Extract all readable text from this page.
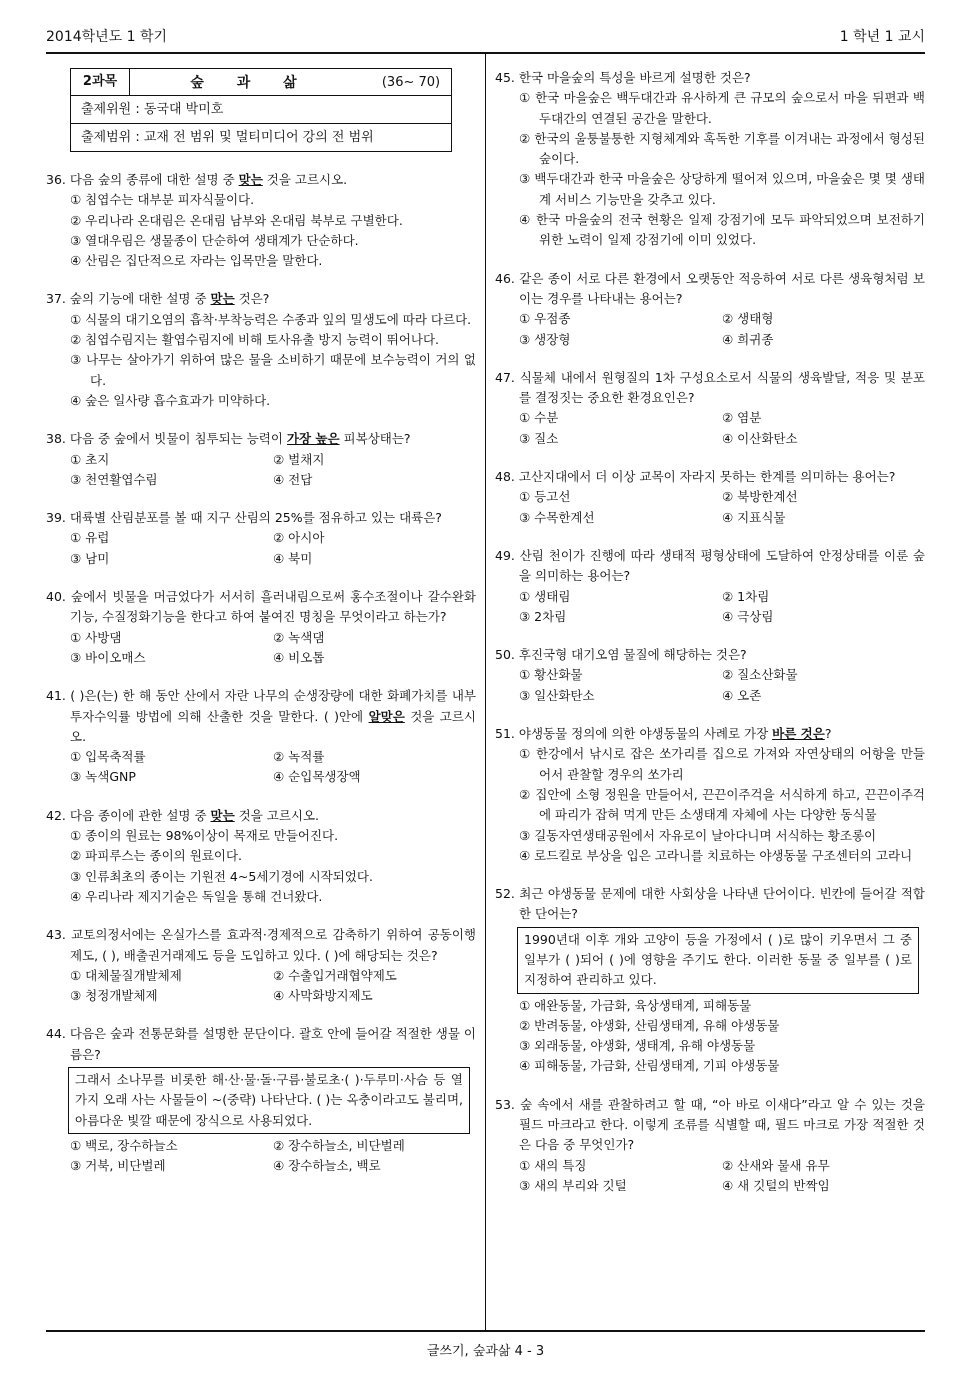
2014학년도 1 학기	1 학년 1 교시
글쓰기, 숲과삶 4 - 3
2과목	숲 과 삶	(36~ 70)
출제위원 : 동국대 박미호
출제범위 : 교재 전 범위 및 멀티미디어 강의 전 범위
36. 다음 숲의 종류에 대한 설명 중 맞는 것을 고르시오.
① 침엽수는 대부분 피자식물이다.
② 우리나라 온대림은 온대림 남부와 온대림 북부로 구별한다.
③ 열대우림은 생물종이 단순하여 생태계가 단순하다.
④ 산림은 집단적으로 자라는 입목만을 말한다.
37. 숲의 기능에 대한 설명 중 맞는 것은?
① 식물의 대기오염의 흡착·부착능력은 수종과 잎의 밀생도에 따라 다르다.
② 침엽수림지는 활엽수림지에 비해 토사유출 방지 능력이 뛰어나다.
③ 나무는 살아가기 위하여 많은 물을 소비하기 때문에 보수능력이 거의 없다.
④ 숲은 일사량 흡수효과가 미약하다.
38. 다음 중 숲에서 빗물이 침투되는 능력이 가장 높은 피복상태는?
① 초지	② 벌채지
③ 천연활엽수림	④ 전답
39. 대륙별 산림분포를 볼 때 지구 산림의 25%를 점유하고 있는 대륙은?
① 유럽	② 아시아
③ 남미	④ 북미
40. 숲에서 빗물을 머금었다가 서서히 흘러내림으로써 홍수조절이나 갈수완화기능, 수질정화기능을 한다고 하여 붙여진 명칭을 무엇이라고 하는가?
① 사방댐	② 녹색댐
③ 바이오매스	④ 비오톱
41. ( )은(는) 한 해 동안 산에서 자란 나무의 순생장량에 대한 화폐가치를 내부 투자수익률 방법에 의해 산출한 것을 말한다. ( )안에 알맞은 것을 고르시오.
① 입목축적률	② 녹적률
③ 녹색GNP	④ 순입목생장액
42. 다음 종이에 관한 설명 중 맞는 것을 고르시오.
① 종이의 원료는 98%이상이 목재로 만들어진다.
② 파피루스는 종이의 원료이다.
③ 인류최초의 종이는 기원전 4~5세기경에 시작되었다.
④ 우리나라 제지기술은 독일을 통해 건너왔다.
43. 교토의정서에는 온실가스를 효과적·경제적으로 감축하기 위하여 공동이행제도, ( ), 배출권거래제도 등을 도입하고 있다. ( )에 해당되는 것은?
① 대체물질개발체제	② 수출입거래협약제도
③ 청정개발체제	④ 사막화방지제도
44. 다음은 숲과 전통문화를 설명한 문단이다. 괄호 안에 들어갈 적절한 생물 이름은?
그래서 소나무를 비롯한 해·산·물·돌·구름·불로초·( )·두루미·사슴 등 열 가지 오래 사는 사물들이 ~(중략) 나타난다. ( )는 옥충이라고도 불리며, 아름다운 빛깔 때문에 장식으로 사용되었다.
① 백로, 장수하늘소	② 장수하늘소, 비단벌레
③ 거북, 비단벌레	④ 장수하늘소, 백로
45. 한국 마을숲의 특성을 바르게 설명한 것은?
① 한국 마을숲은 백두대간과 유사하게 큰 규모의 숲으로서 마을 뒤편과 백두대간의 연결된 공간을 말한다.
② 한국의 울퉁불퉁한 지형체계와 혹독한 기후를 이겨내는 과정에서 형성된 숲이다.
③ 백두대간과 한국 마을숲은 상당하게 떨어져 있으며, 마을숲은 몇 몇 생태계 서비스 기능만을 갖추고 있다.
④ 한국 마을숲의 전국 현황은 일제 강점기에 모두 파악되었으며 보전하기 위한 노력이 일제 강점기에 이미 있었다.
46. 같은 종이 서로 다른 환경에서 오랫동안 적응하여 서로 다른 생육형처럼 보이는 경우를 나타내는 용어는?
① 우점종	② 생태형
③ 생장형	④ 희귀종
47. 식물체 내에서 원형질의 1차 구성요소로서 식물의 생육발달, 적응 및 분포를 결정짓는 중요한 환경요인은?
① 수분	② 염분
③ 질소	④ 이산화탄소
48. 고산지대에서 더 이상 교목이 자라지 못하는 한계를 의미하는 용어는?
① 등고선	② 북방한계선
③ 수목한계선	④ 지표식물
49. 산림 천이가 진행에 따라 생태적 평형상태에 도달하여 안정상태를 이룬 숲을 의미하는 용어는?
① 생태림	② 1차림
③ 2차림	④ 극상림
50. 후진국형 대기오염 물질에 해당하는 것은?
① 황산화물	② 질소산화물
③ 일산화탄소	④ 오존
51. 야생동물 정의에 의한 야생동물의 사례로 가장 바른 것은?
① 한강에서 낚시로 잡은 쏘가리를 집으로 가져와 자연상태의 어항을 만들어서 관찰할 경우의 쏘가리
② 집안에 소형 정원을 만들어서, 끈끈이주걱을 서식하게 하고, 끈끈이주걱에 파리가 잡혀 먹게 만든 소생태계 자체에 사는 다양한 동식물
③ 길동자연생태공원에서 자유로이 날아다니며 서식하는 황조롱이
④ 로드킬로 부상을 입은 고라니를 치료하는 야생동물 구조센터의 고라니
52. 최근 야생동물 문제에 대한 사회상을 나타낸 단어이다. 빈칸에 들어갈 적합한 단어는?
1990년대 이후 개와 고양이 등을 가정에서 ( )로 많이 키우면서 그 중 일부가 ( )되어 ( )에 영향을 주기도 한다. 이러한 동물 중 일부를 ( )로 지정하여 관리하고 있다.
① 애완동물, 가금화, 육상생태계, 피해동물
② 반려동물, 야생화, 산림생태계, 유해 야생동물
③ 외래동물, 야생화, 생태계, 유해 야생동물
④ 피해동물, 가금화, 산림생태계, 기피 야생동물
53. 숲 속에서 새를 관찰하려고 할 때, “아 바로 이새다”라고 알 수 있는 것을 필드 마크라고 한다. 이렇게 조류를 식별할 때, 필드 마크로 가장 적절한 것은 다음 중 무엇인가?
① 새의 특징	② 산새와 물새 유무
③ 새의 부리와 깃털	④ 새 깃털의 반짝임
